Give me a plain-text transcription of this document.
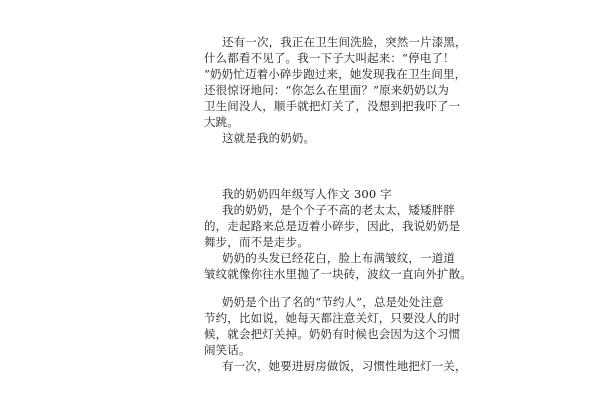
还有一次，我正在卫生间洗脸，突然一片漆黑，
什么都看不见了。我一下子大叫起来：“停电了！
”奶奶忙迈着小碎步跑过来，她发现我在卫生间里，
还很惊讶地问：“你怎么在里面？”原来奶奶以为
卫生间没人，顺手就把灯关了，没想到把我吓了一
大跳。
这就是我的奶奶。
我的奶奶四年级写人作文 300 字
我的奶奶，是个个子不高的老太太，矮矮胖胖
的，走起路来总是迈着小碎步，因此，我说奶奶是
舞步，而不是走步。
奶奶的头发已经花白，脸上布满皱纹，一道道
皱纹就像你往水里抛了一块砖，波纹一直向外扩散。
奶奶是个出了名的“节约人”，总是处处注意
节约，比如说，她每天都注意关灯，只要没人的时
候，就会把灯关掉。奶奶有时候也会因为这个习惯
闹笑话。
有一次，她要进厨房做饭，习惯性地把灯一关，
